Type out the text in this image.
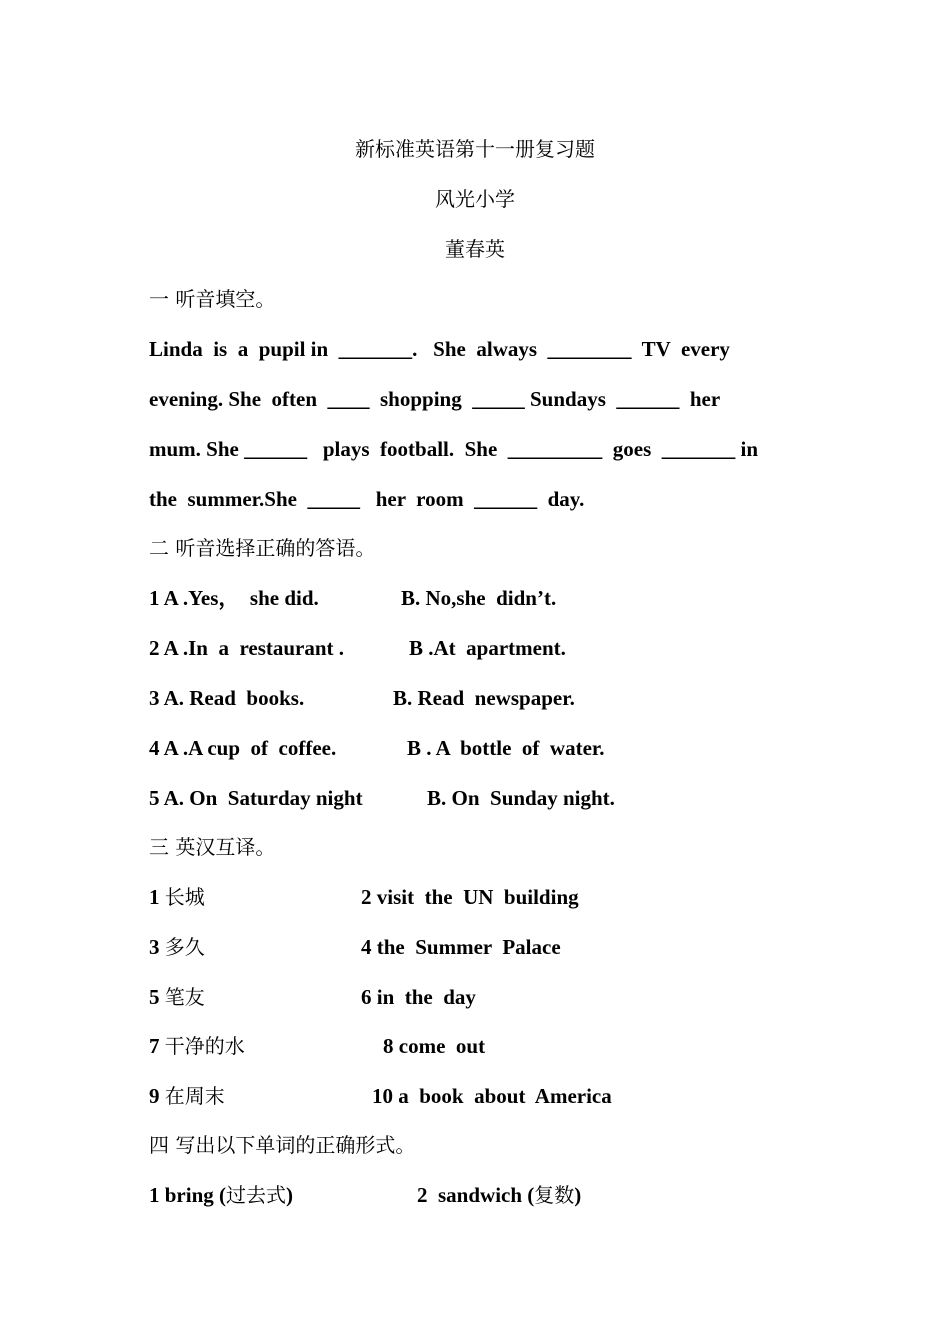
新标准英语第十一册复习题
风光小学
董春英
一 听音填空。
Linda  is  a  pupil in  _______.   She  always  ________  TV  every
evening. She  often  ____  shopping  _____ Sundays  ______  her
mum. She ______   plays  football.  She  _________  goes  _______ in
the  summer.She  _____   her  room  ______  day.
二 听音选择正确的答语。
1 A .Yes，  she did.	B. No,she  didn’t.
2 A .In  a  restaurant .	B .At  apartment.
3 A. Read  books.	B. Read  newspaper.
4 A .A cup  of  coffee.	B . A  bottle  of  water.
5 A. On  Saturday night	B. On  Sunday night.
三 英汉互译。
1 长城	2 visit  the  UN  building
3 多久	4 the  Summer  Palace
5 笔友	6 in  the  day
7 干净的水	8 come  out
9 在周末	10 a  book  about  America
四 写出以下单词的正确形式。
1 bring (过去式)	2  sandwich (复数)
